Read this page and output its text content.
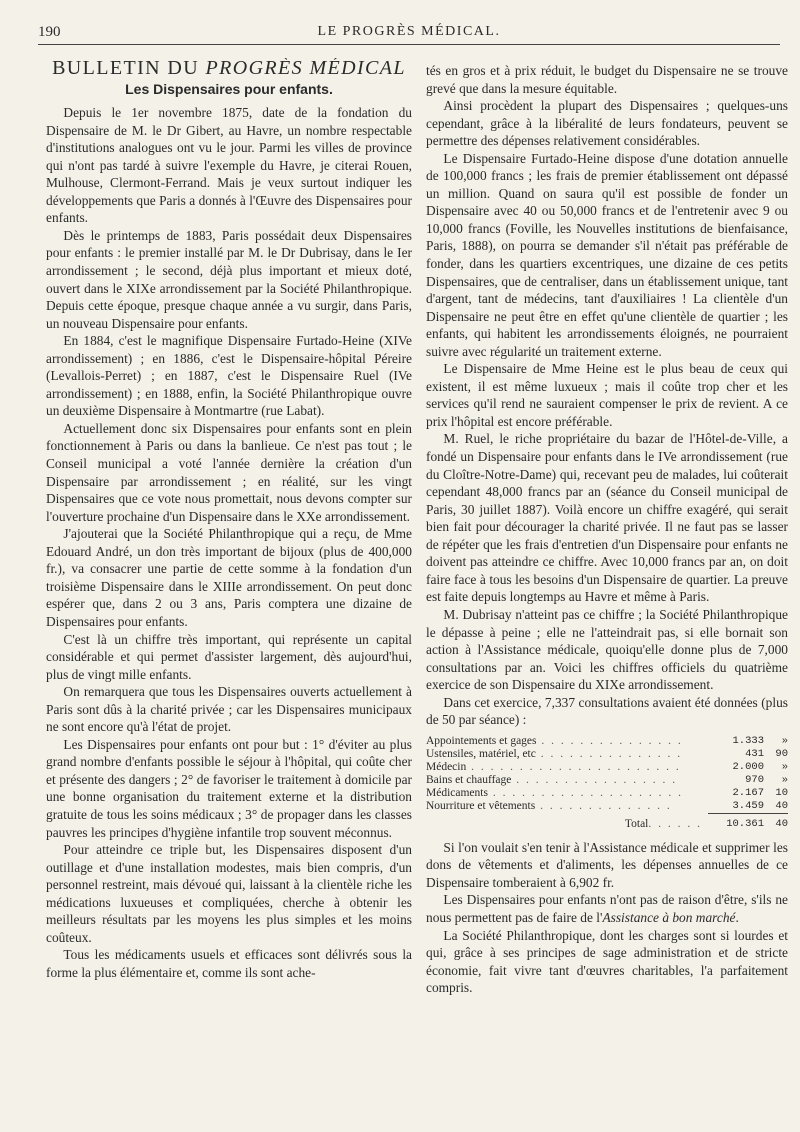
190	LE PROGRÈS MÉDICAL.
BULLETIN DU PROGRÈS MÉDICAL
Les Dispensaires pour enfants.

Depuis le 1er novembre 1875, date de la fondation du Dispensaire de M. le Dr Gibert, au Havre, un nombre respectable d'institutions analogues ont vu le jour. Parmi les villes de province qui n'ont pas tardé à suivre l'exemple du Havre, je citerai Rouen, Mulhouse, Clermont-Ferrand. Mais je veux surtout indiquer les développements que Paris a donnés à l'Œuvre des Dispensaires pour enfants.

Dès le printemps de 1883, Paris possédait deux Dispensaires pour enfants : le premier installé par M. le Dr Dubrisay, dans le Ier arrondissement ; le second, déjà plus important et mieux doté, ouvert dans le XIXe arrondissement par la Société Philanthropique. Depuis cette époque, presque chaque année a vu surgir, dans Paris, un nouveau Dispensaire pour enfants.

En 1884, c'est le magnifique Dispensaire Furtado-Heine (XIVe arrondissement) ; en 1886, c'est le Dispensaire-hôpital Péreire (Levallois-Perret) ; en 1887, c'est le Dispensaire Ruel (IVe arrondissement) ; en 1888, enfin, la Société Philanthropique ouvre un deuxième Dispensaire à Montmartre (rue Labat).

Actuellement donc six Dispensaires pour enfants sont en plein fonctionnement à Paris ou dans la banlieue. Ce n'est pas tout ; le Conseil municipal a voté l'année dernière la création d'un Dispensaire par arrondissement ; en réalité, sur les vingt Dispensaires que ce vote nous promettait, nous devons compter sur l'ouverture prochaine d'un Dispensaire dans le XXe arrondissement.

J'ajouterai que la Société Philanthropique qui a reçu, de Mme Edouard André, un don très important de bijoux (plus de 400,000 fr.), va consacrer une partie de cette somme à la fondation d'un troisième Dispensaire dans le XIIIe arrondissement. On peut donc espérer que, dans 2 ou 3 ans, Paris comptera une dizaine de Dispensaires pour enfants.

C'est là un chiffre très important, qui représente un capital considérable et qui permet d'assister largement, dès aujourd'hui, plus de vingt mille enfants.

On remarquera que tous les Dispensaires ouverts actuellement à Paris sont dûs à la charité privée ; car les Dispensaires municipaux ne sont encore qu'à l'état de projet.

Les Dispensaires pour enfants ont pour but : 1° d'éviter au plus grand nombre d'enfants possible le séjour à l'hôpital, qui coûte cher et présente des dangers ; 2° de favoriser le traitement à domicile par une bonne organisation du traitement externe et la distribution gratuite de tous les soins médicaux ; 3° de propager dans les classes pauvres les principes d'hygiène infantile trop souvent méconnus.

Pour atteindre ce triple but, les Dispensaires disposent d'un outillage et d'une installation modestes, mais bien compris, d'un personnel restreint, mais dévoué qui, laissant à la clientèle riche les médications luxueuses et compliquées, cherche à obtenir les meilleurs résultats par les moyens les plus simples et les moins coûteux.

Tous les médicaments usuels et efficaces sont délivrés sous la forme la plus élémentaire et, comme ils sont ache-

tés en gros et à prix réduit, le budget du Dispensaire ne se trouve grevé que dans la mesure équitable.

Ainsi procèdent la plupart des Dispensaires ; quelques-uns cependant, grâce à la libéralité de leurs fondateurs, peuvent se permettre des dépenses relativement considérables.

Le Dispensaire Furtado-Heine dispose d'une dotation annuelle de 100,000 francs ; les frais de premier établissement ont dépassé un million. Quand on saura qu'il est possible de fonder un Dispensaire avec 40 ou 50,000 francs et de l'entretenir avec 9 ou 10,000 francs (Foville, les Nouvelles institutions de bienfaisance, Paris, 1888), on pourra se demander s'il n'était pas préférable de fonder, dans les quartiers excentriques, une dizaine de ces petits Dispensaires, que de centraliser, dans un établissement unique, tant d'argent, tant de médecins, tant d'auxiliaires ! La clientèle d'un Dispensaire ne peut être en effet qu'une clientèle de quartier ; les enfants, qui habitent les arrondissements éloignés, ne pourraient suivre avec régularité un traitement externe.

Le Dispensaire de Mme Heine est le plus beau de ceux qui existent, il est même luxueux ; mais il coûte trop cher et les services qu'il rend ne sauraient compenser le prix de revient. A ce prix l'hôpital est encore préférable.

M. Ruel, le riche propriétaire du bazar de l'Hôtel-de-Ville, a fondé un Dispensaire pour enfants dans le IVe arrondissement (rue du Cloître-Notre-Dame) qui, recevant peu de malades, lui coûterait cependant 48,000 francs par an (séance du Conseil municipal de Paris, 30 juillet 1887). Voilà encore un chiffre exagéré, qui serait bien fait pour décourager la charité privée. Il ne faut pas se lasser de répéter que les frais d'entretien d'un Dispensaire pour enfants ne doivent pas atteindre ce chiffre. Avec 10,000 francs par an, on doit faire face à tous les besoins d'un Dispensaire de quartier. La preuve est faite depuis longtemps au Havre et même à Paris.

M. Dubrisay n'atteint pas ce chiffre ; la Société Philanthropique le dépasse à peine ; elle ne l'atteindrait pas, si elle bornait son action à l'Assistance médicale, quoiqu'elle donne plus de 7,000 consultations par an. Voici les chiffres officiels du quatrième exercice de son Dispensaire du XIXe arrondissement.

Dans cet exercice, 7,337 consultations avaient été données (plus de 50 par séance) :

Appointements et gages . . . . . . . . . . . . . . .	1.333	»
Ustensiles, matériel, etc . . . . . . . . . . . . . . .	431	90
Médecin . . . . . . . . . . . . . . . . . . . . . .	2.000	»
Bains et chauffage . . . . . . . . . . . . . . . . .	970	»
Médicaments . . . . . . . . . . . . . . . . . . . .	2.167	10
Nourriture et vêtements . . . . . . . . . . . . . .	3.459	40
Total. . . . . .	10.361	40

Si l'on voulait s'en tenir à l'Assistance médicale et supprimer les dons de vêtements et d'aliments, les dépenses annuelles de ce Dispensaire tomberaient à 6,902 fr.

Les Dispensaires pour enfants n'ont pas de raison d'être, s'ils ne nous permettent pas de faire de l'Assistance à bon marché.

La Société Philanthropique, dont les charges sont si lourdes et qui, grâce à ses principes de sage administration et de stricte économie, fait vivre tant d'œuvres charitables, l'a parfaitement compris.
